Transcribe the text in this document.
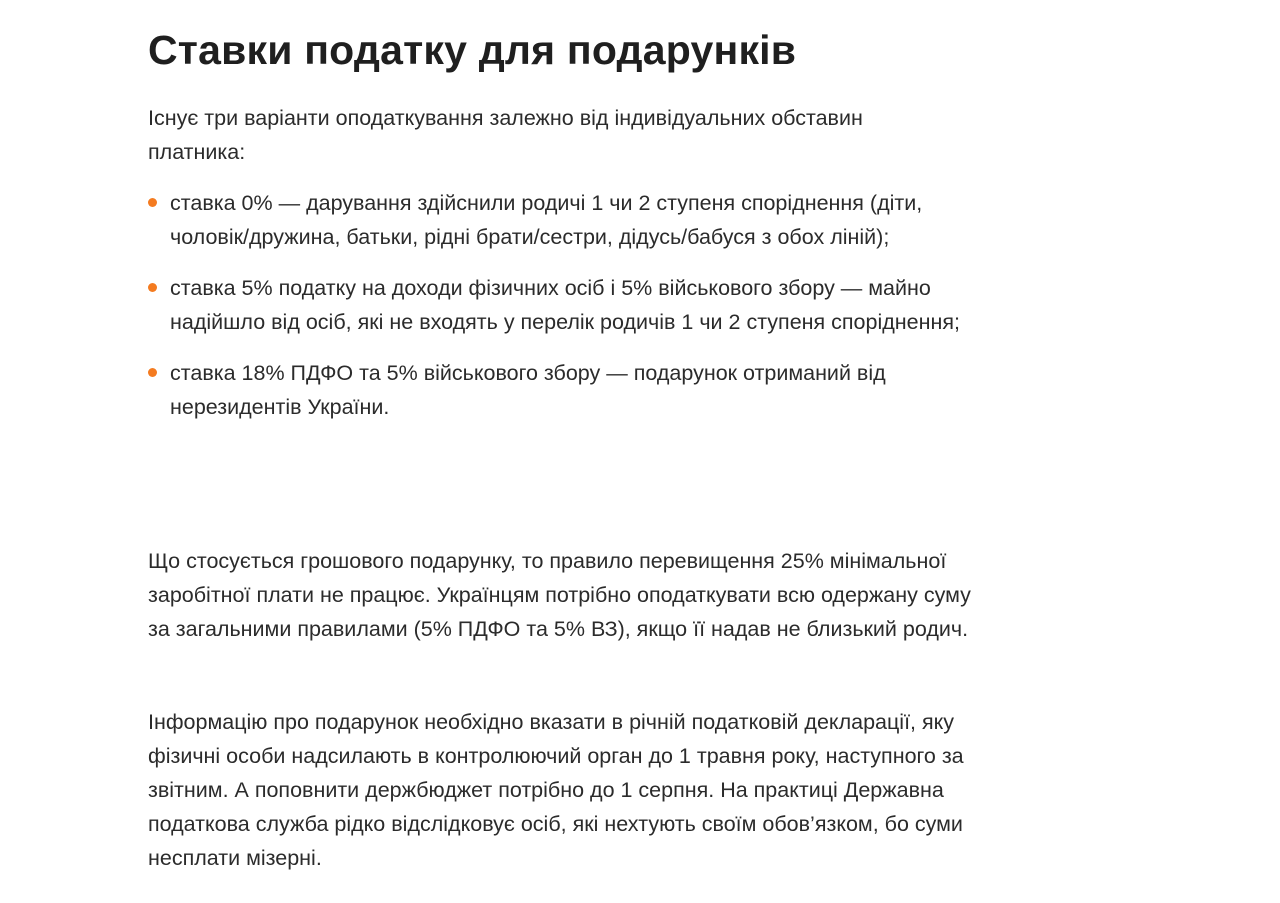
Ставки податку для подарунків

Існує три варіанти оподаткування залежно від індивідуальних обставин платника:

ставка 0% — дарування здійснили родичі 1 чи 2 ступеня споріднення (діти, чоловік/дружина, батьки, рідні брати/сестри, дідусь/бабуся з обох ліній);
ставка 5% податку на доходи фізичних осіб і 5% військового збору — майно надійшло від осіб, які не входять у перелік родичів 1 чи 2 ступеня споріднення;
ставка 18% ПДФО та 5% військового збору — подарунок отриманий від нерезидентів України.

Що стосується грошового подарунку, то правило перевищення 25% мінімальної заробітної плати не працює. Українцям потрібно оподаткувати всю одержану суму за загальними правилами (5% ПДФО та 5% ВЗ), якщо її надав не близький родич.

Інформацію про подарунок необхідно вказати в річній податковій декларації, яку фізичні особи надсилають в контролюючий орган до 1 травня року, наступного за звітним. А поповнити держбюджет потрібно до 1 серпня. На практиці Державна податкова служба рідко відслідковує осіб, які нехтують своїм обов’язком, бо суми несплати мізерні.
